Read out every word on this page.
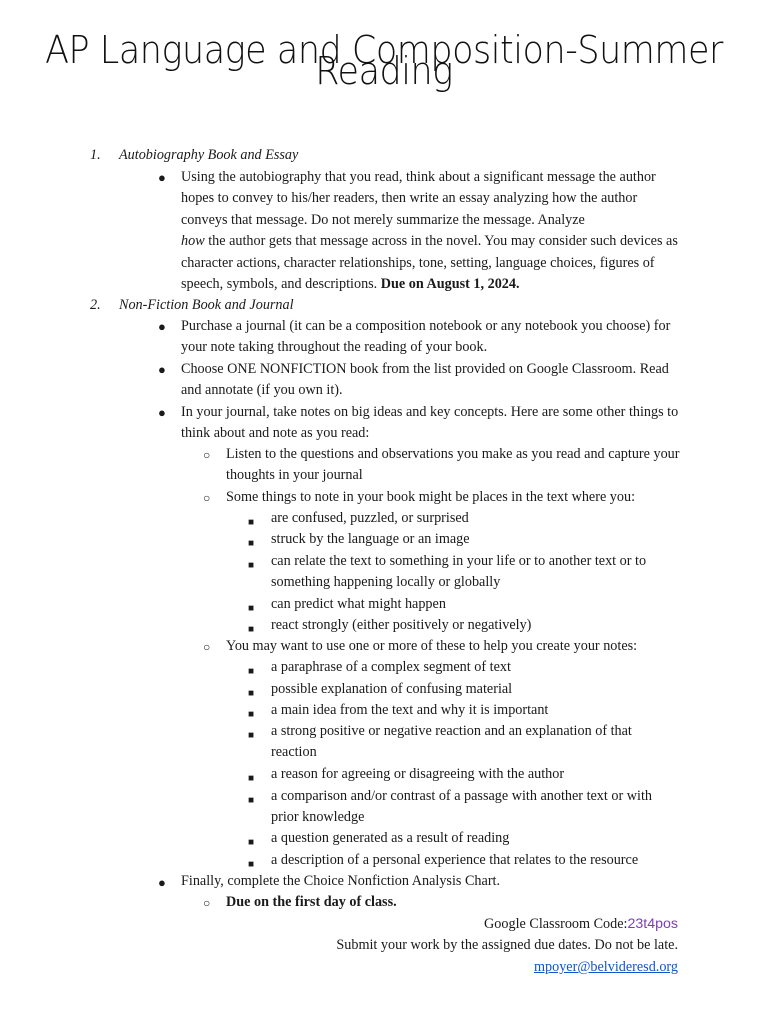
AP Language and Composition-Summer Reading
1. Autobiography Book and Essay
● Using the autobiography that you read, think about a significant message the author hopes to convey to his/her readers, then write an essay analyzing how the author conveys that message. Do not merely summarize the message. Analyze
how the author gets that message across in the novel. You may consider such devices as character actions, character relationships, tone, setting, language choices, figures of speech, symbols, and descriptions. Due on August 1, 2024.
2. Non-Fiction Book and Journal
● Purchase a journal (it can be a composition notebook or any notebook you choose) for your note taking throughout the reading of your book.
● Choose ONE NONFICTION book from the list provided on Google Classroom. Read and annotate (if you own it).
● In your journal, take notes on big ideas and key concepts. Here are some other things to think about and note as you read:
○ Listen to the questions and observations you make as you read and capture your thoughts in your journal
○ Some things to note in your book might be places in the text where you:
■ are confused, puzzled, or surprised
■ struck by the language or an image
■ can relate the text to something in your life or to another text or to something happening locally or globally
■ can predict what might happen
■ react strongly (either positively or negatively)
○ You may want to use one or more of these to help you create your notes:
■ a paraphrase of a complex segment of text
■ possible explanation of confusing material
■ a main idea from the text and why it is important
■ a strong positive or negative reaction and an explanation of that reaction
■ a reason for agreeing or disagreeing with the author
■ a comparison and/or contrast of a passage with another text or with prior knowledge
■ a question generated as a result of reading
■ a description of a personal experience that relates to the resource
● Finally, complete the Choice Nonfiction Analysis Chart.
○ Due on the first day of class.
Google Classroom Code:23t4pos
Submit your work by the assigned due dates. Do not be late.
mpoyer@belvideresd.org
